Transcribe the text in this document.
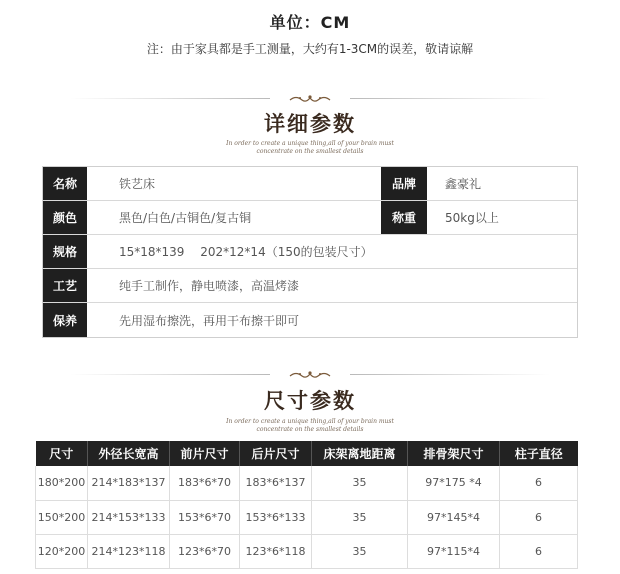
单位：CM
注：由于家具都是手工测量，大约有1-3CM的误差，敬请谅解
详细参数
In order to create a unique thing,all of your brain must
concentrate on the smallest details
名称	铁艺床	品牌	鑫豪礼
颜色	黑色/白色/古铜色/复古铜	称重	50kg以上
规格	15*18*139　 202*12*14（150的包装尺寸）
工艺	纯手工制作，静电喷漆，高温烤漆
保养	先用湿布擦洗，再用干布擦干即可
尺寸参数
In order to create a unique thing,all of your brain must
concentrate on the smallest details
尺寸	外径长宽高	前片尺寸	后片尺寸	床架离地距离	排骨架尺寸	柱子直径
180*200	214*183*137	183*6*70	183*6*137	35	97*175 *4	6
150*200	214*153*133	153*6*70	153*6*133	35	97*145*4	6
120*200	214*123*118	123*6*70	123*6*118	35	97*115*4	6
